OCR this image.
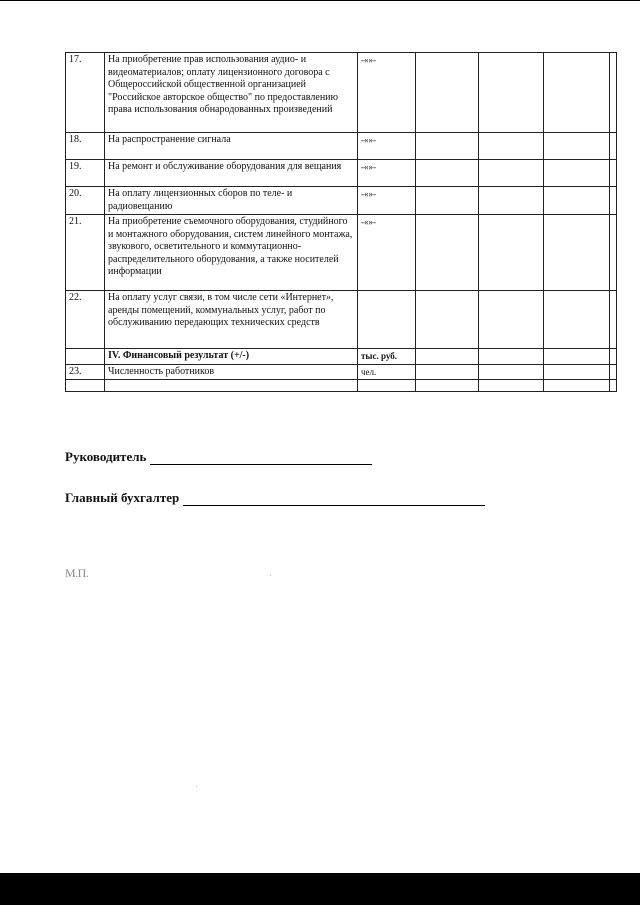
17.	На приобретение прав использования аудио- и видеоматериалов; оплату лицензионного договора с Общероссийской общественной организацией "Российское авторское общество" по предоставлению права использования обнародованных произведений	-«»-				
18.	На распространение сигнала	-«»-				
19.	На ремонт и обслуживание оборудования для вещания	-«»-				
20.	На оплату лицензионных сборов по теле- и радиовещанию	-«»-				
21.	На приобретение съемочного оборудования, студийного и монтажного оборудования, систем линейного монтажа, звукового, осветительного и коммутационно-распределительного оборудования, а также носителей информации	-«»-				
22.	На оплату услуг связи, в том числе сети «Интернет», аренды помещений, коммунальных услуг, работ по обслуживанию передающих технических средств					
	IV. Финансовый результат (+/-)	тыс. руб.				
23.	Численность работников	чел.				

Руководитель
Главный бухгалтер
М.П.
